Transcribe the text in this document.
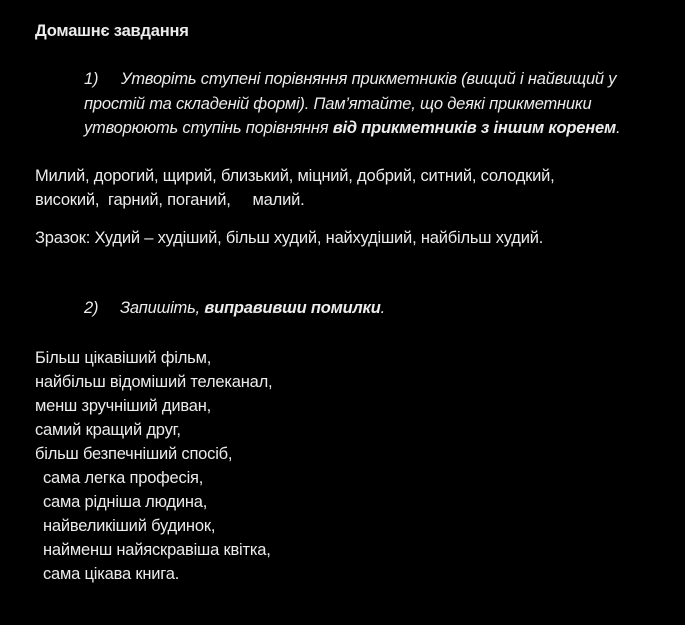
Домашнє завдання
1) Утворіть ступені порівняння прикметників (вищий і найвищий у
простій та складеній формі). Пам’ятайте, що деякі прикметники
утворюють ступінь порівняння від прикметників з іншим коренем.
Милий, дорогий, щирий, близький, міцний, добрий, ситний, солодкий,
високий,  гарний, поганий,     малий.
Зразок: Худий – худіший, більш худий, найхудіший, найбільш худий.
2) Запишіть, виправивши помилки.
Більш цікавіший фільм,
найбільш відоміший телеканал,
менш зручніший диван,
самий кращий друг,
більш безпечніший спосіб,
сама легка професія,
сама рідніша людина,
найвеликіший будинок,
найменш найяскравіша квітка,
сама цікава книга.
